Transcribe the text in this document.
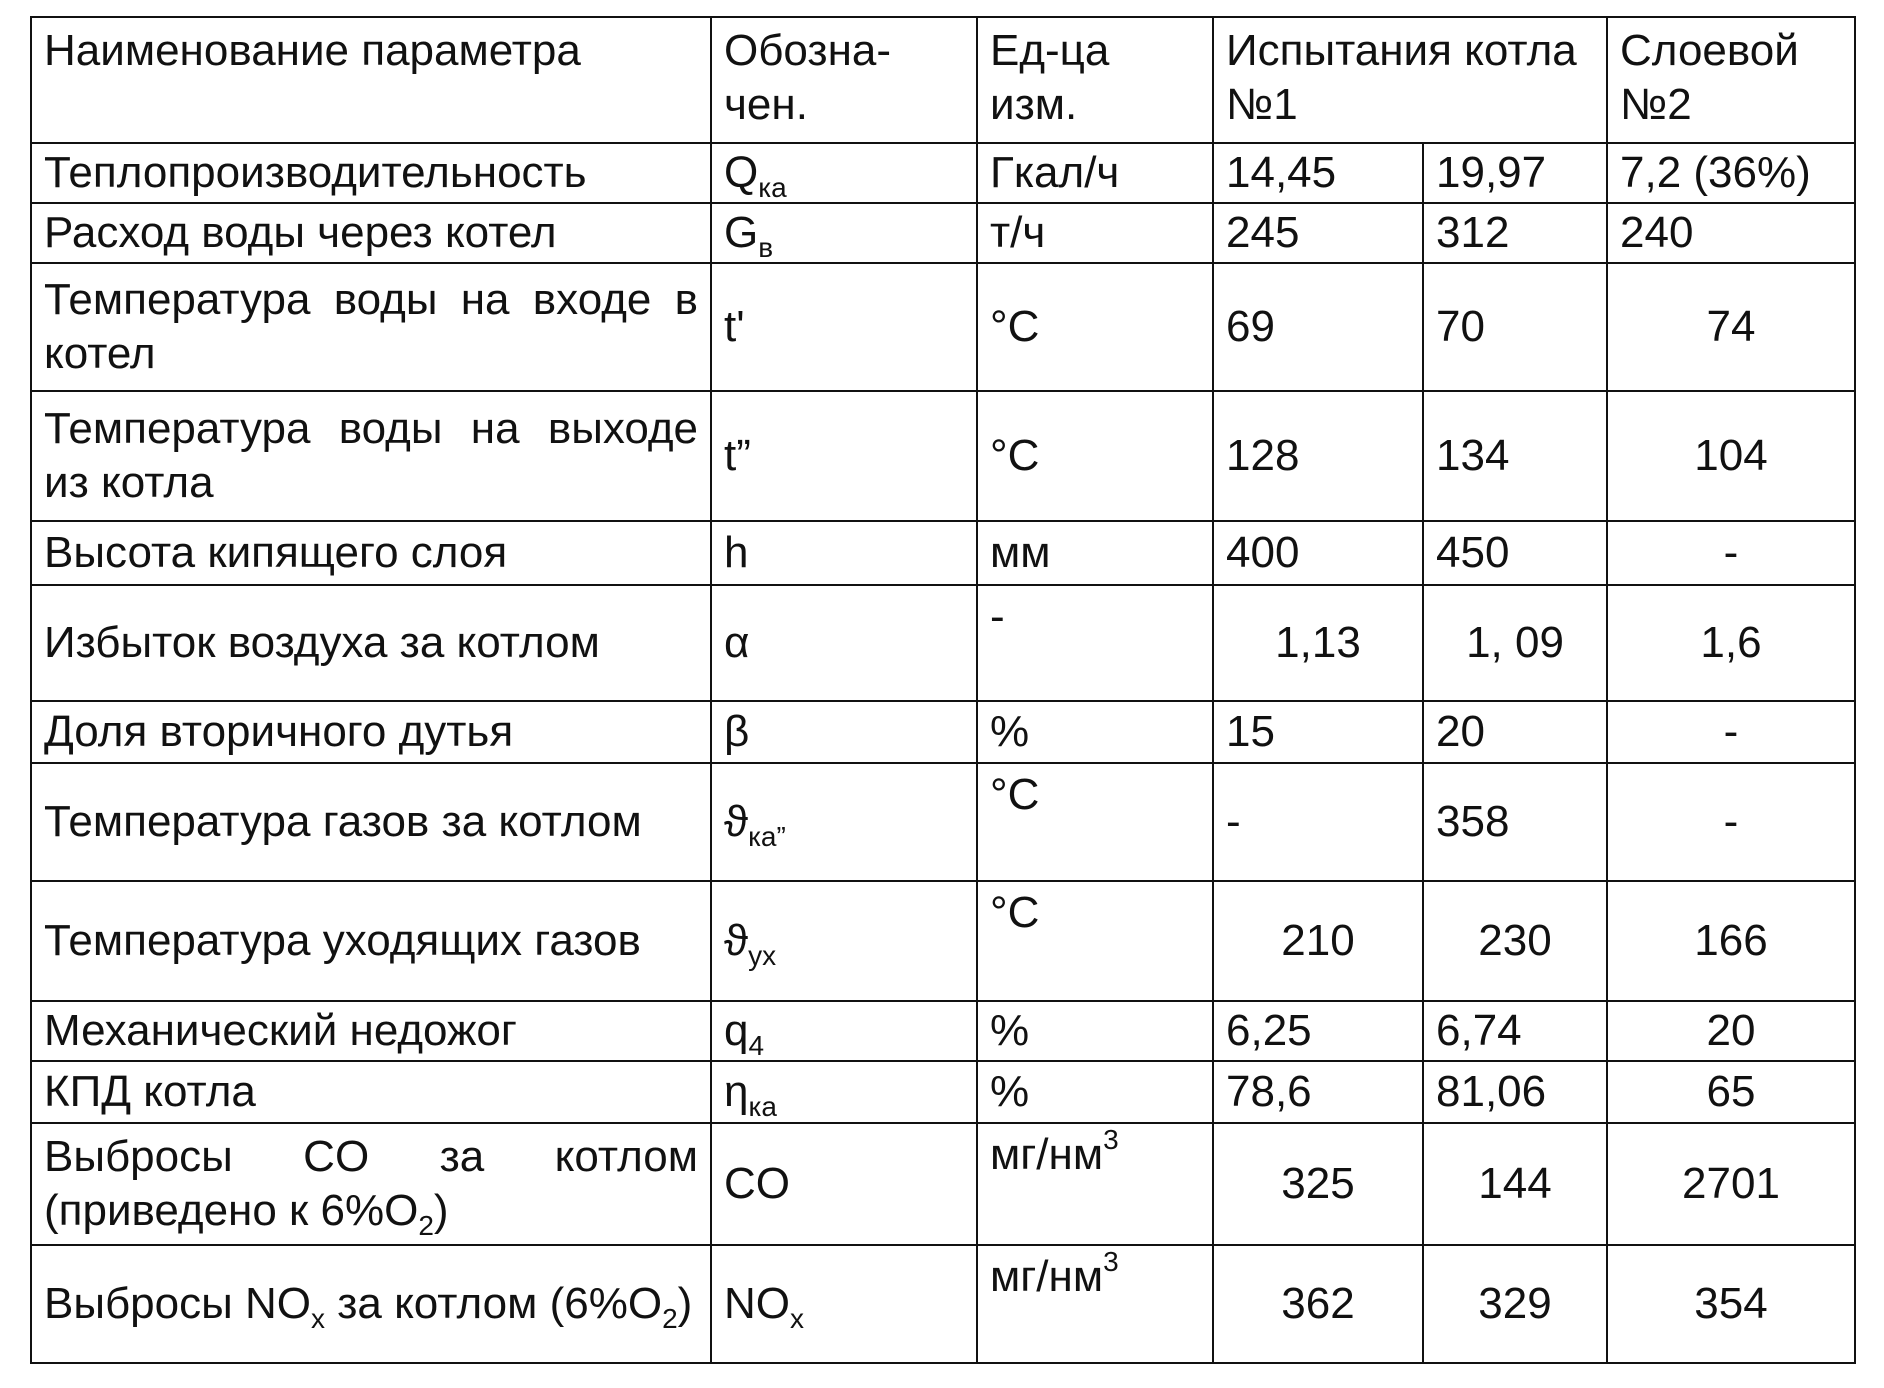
Наименование параметра	Обозна- чен.	Ед-ца изм.	Испытания котла №1		Слоевой №2
Теплопроизводительность	$Q_{ка}$	Гкал/ч	14,45	19,97	7,2 (36%)
Расход воды через котел	$G_в$	т/ч	245	312	240
Температура воды на входе в котел	t'	°C	69	70	74
Температура воды на выходе из котла	t”	°C	128	134	104
Высота кипящего слоя	h	мм	400	450	-
Избыток воздуха за котлом	α	-	1,13	1, 09	1,6
Доля вторичного дутья	β	%	15	20	-
Температура газов за котлом	$ϑ_{ка”}$	°C	-	358	-
Температура уходящих газов	$ϑ_{ух}$	°C	210	230	166
Механический недожог	$q_4$	%	6,25	6,74	20
КПД котла	$\eta_{ка}$	%	78,6	81,06	65
Выбросы CO за котлом (приведено к $6\%O_2$)	CO	$мг/нм^3$	325	144	2701
Выбросы $NO_x$ за котлом $(6\%O_2)$	$NO_x$	$мг/нм^3$	362	329	354
